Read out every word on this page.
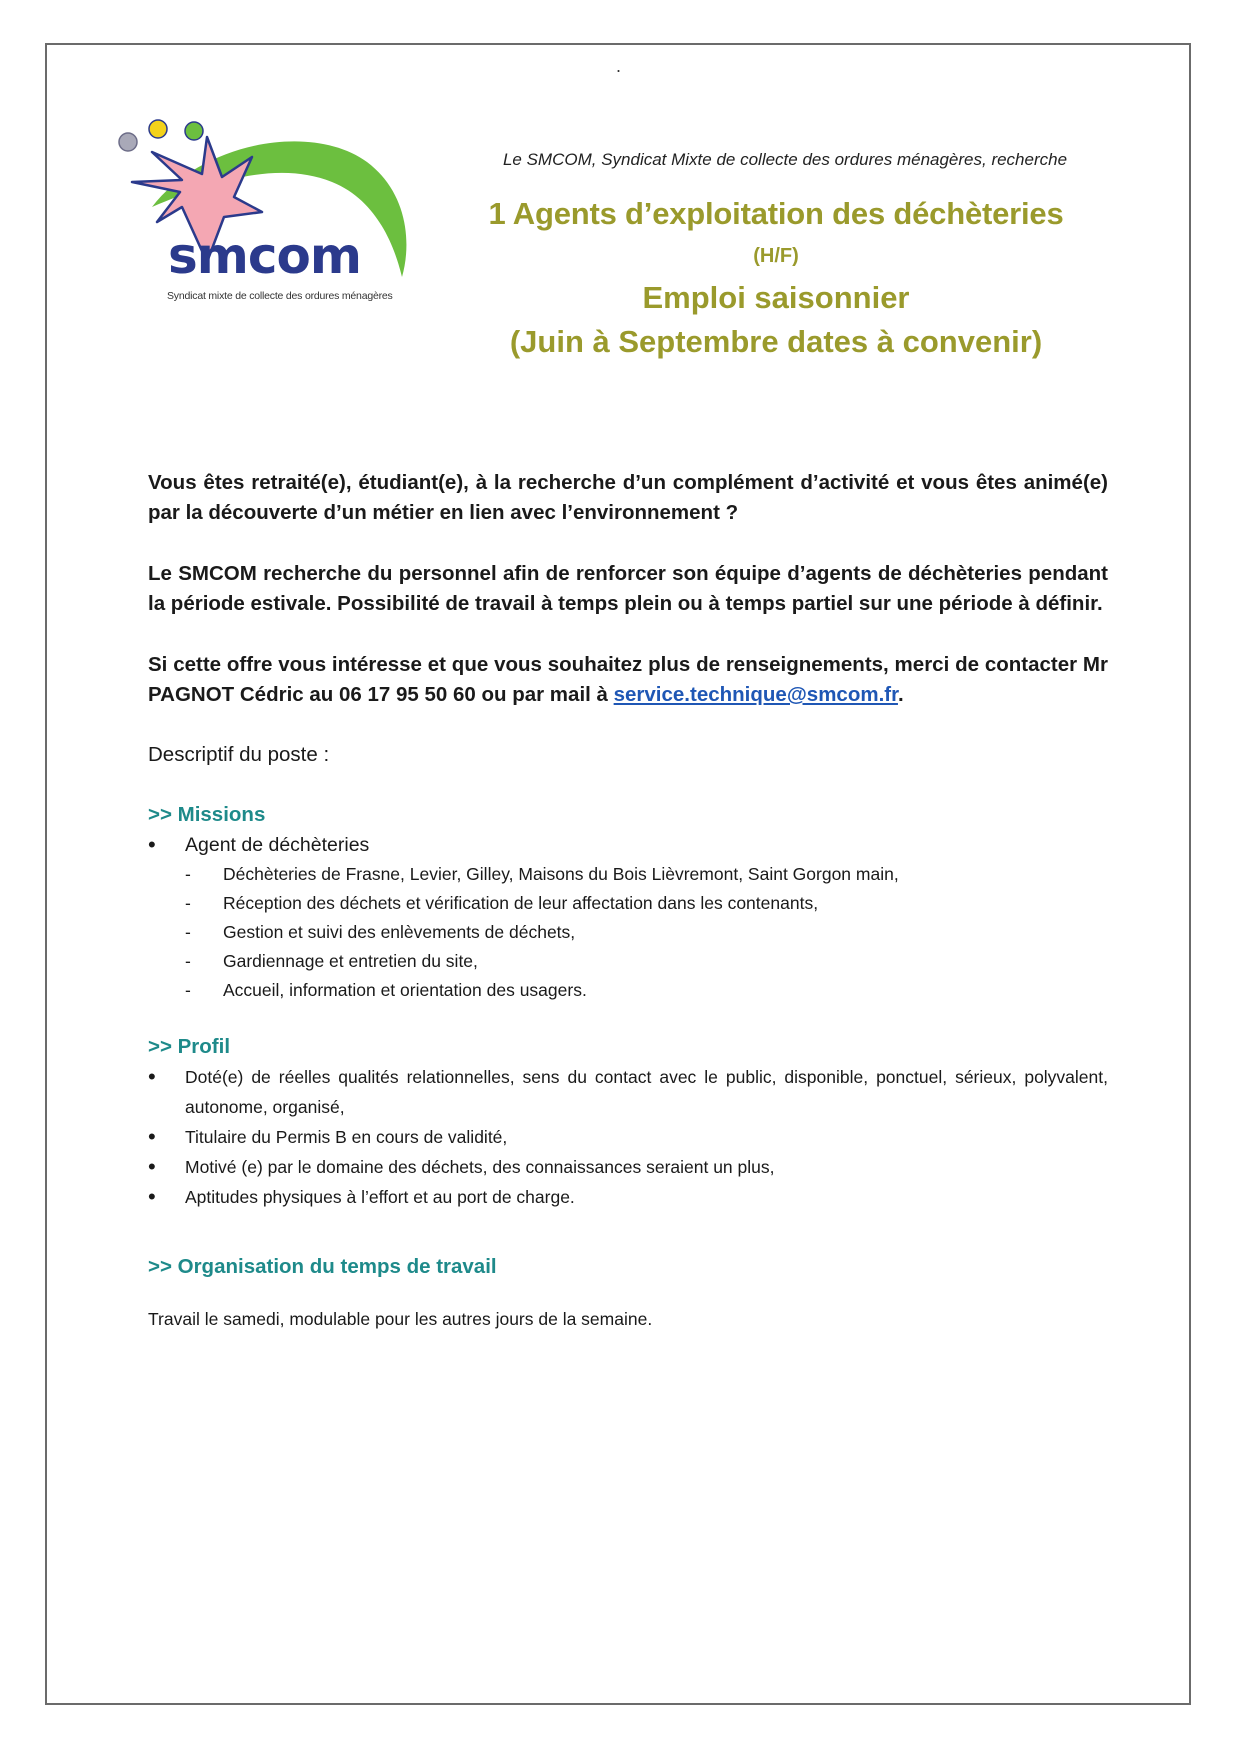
.
smcom
Syndicat mixte de collecte des ordures ménagères
Le SMCOM, Syndicat Mixte de collecte des ordures ménagères, recherche
1 Agents d’exploitation des déchèteries
(H/F)
Emploi saisonnier
(Juin à Septembre dates à convenir)

Vous êtes retraité(e), étudiant(e), à la recherche d’un complément d’activité et vous êtes animé(e) par la découverte d’un métier en lien avec l’environnement ?

Le SMCOM recherche du personnel afin de renforcer son équipe d’agents de déchèteries pendant la période estivale. Possibilité de travail à temps plein ou à temps partiel sur une période à définir.

Si cette offre vous intéresse et que vous souhaitez plus de renseignements, merci de contacter Mr PAGNOT Cédric au 06 17 95 50 60 ou par mail à service.technique@smcom.fr.

Descriptif du poste :
>> Missions
• Agent de déchèteries
- Déchèteries de Frasne, Levier, Gilley, Maisons du Bois Lièvremont, Saint Gorgon main,
- Réception des déchets et vérification de leur affectation dans les contenants,
- Gestion et suivi des enlèvements de déchets,
- Gardiennage et entretien du site,
- Accueil, information et orientation des usagers.
>> Profil
• Doté(e) de réelles qualités relationnelles, sens du contact avec le public, disponible, ponctuel, sérieux, polyvalent, autonome, organisé,
• Titulaire du Permis B en cours de validité,
• Motivé (e) par le domaine des déchets, des connaissances seraient un plus,
• Aptitudes physiques à l’effort et au port de charge.
>> Organisation du temps de travail
Travail le samedi, modulable pour les autres jours de la semaine.
